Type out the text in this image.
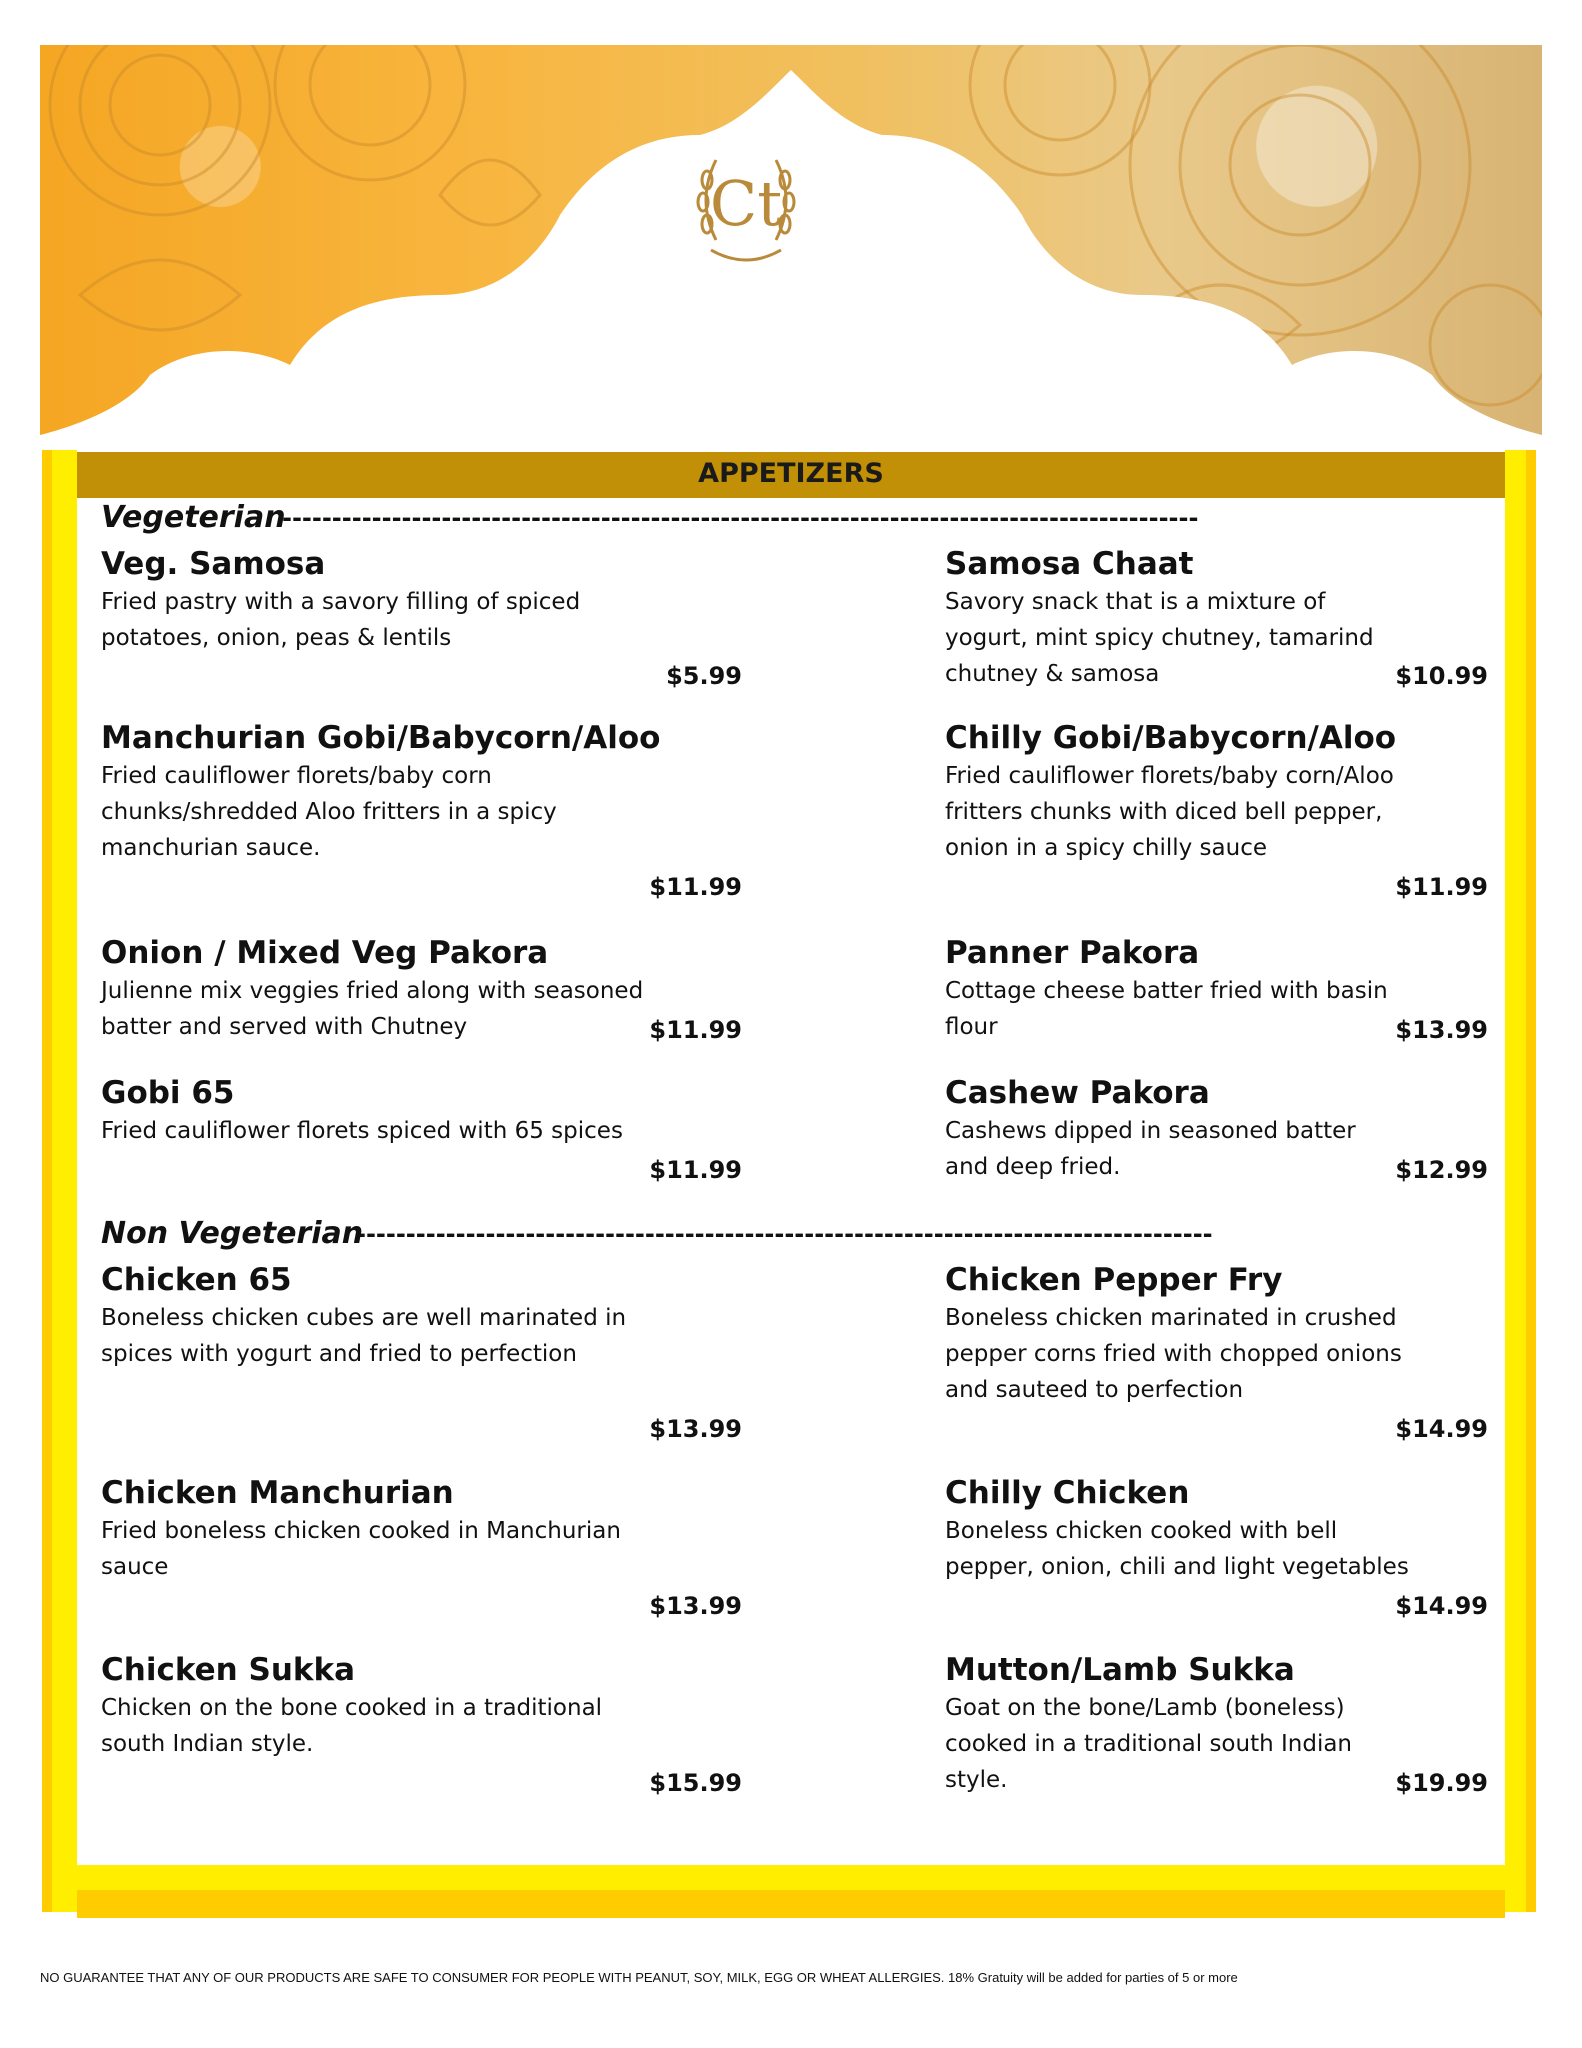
Ct
APPETIZERS
Vegeterian
--------------------------------------------------------------------------------------------
Veg. Samosa
Fried pastry with a savory filling of spiced potatoes, onion, peas & lentils
$5.99
Samosa Chaat
Savory snack that is a mixture of yogurt, mint spicy chutney, tamarind chutney & samosa	$10.99
Manchurian Gobi/Babycorn/Aloo
Fried cauliflower florets/baby corn chunks/shredded Aloo fritters in a spicy manchurian sauce.
$11.99
Chilly Gobi/Babycorn/Aloo
Fried cauliflower florets/baby corn/Aloo fritters chunks with diced bell pepper, onion in a spicy chilly sauce
$11.99
Onion / Mixed Veg Pakora
Julienne mix veggies fried along with seasoned batter and served with Chutney	$11.99
Panner Pakora
Cottage cheese batter fried with basin flour	$13.99
Gobi 65
Fried cauliflower florets spiced with 65 spices
$11.99
Cashew Pakora
Cashews dipped in seasoned batter and deep fried.	$12.99
Non Vegeterian
--------------------------------------------------------------------------------------
Chicken 65
Boneless chicken cubes are well marinated in spices with yogurt and fried to perfection
$13.99
Chicken Pepper Fry
Boneless chicken marinated in crushed pepper corns fried with chopped onions and sauteed to perfection
$14.99
Chicken Manchurian
Fried boneless chicken cooked in Manchurian sauce
$13.99
Chilly Chicken
Boneless chicken cooked with bell pepper, onion, chili and light vegetables
$14.99
Chicken Sukka
Chicken on the bone cooked in a traditional south Indian style.
$15.99
Mutton/Lamb Sukka
Goat on the bone/Lamb (boneless) cooked in a traditional south Indian style.	$19.99
NO GUARANTEE THAT ANY OF OUR PRODUCTS ARE SAFE TO CONSUMER FOR PEOPLE WITH PEANUT, SOY, MILK, EGG OR WHEAT ALLERGIES. 18% Gratuity will be added for parties of 5 or more
